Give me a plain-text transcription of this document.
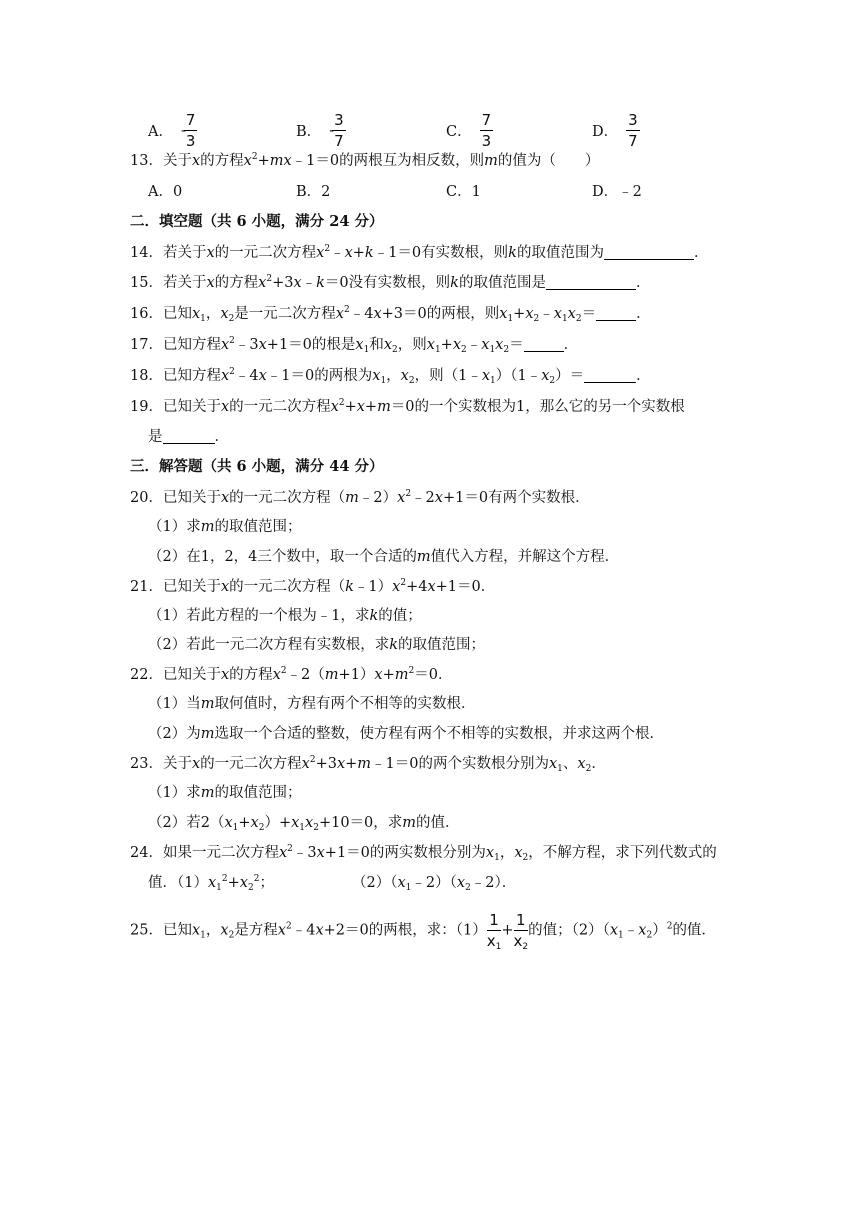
A． -
$\frac{7}{3}$	B． -
$\frac{3}{7}$	C． $\frac{7}{3}$	D． $\frac{3}{7}$
13．关于x的方程$x^2+mx﹣1=0$的两根互为相反数，则m的值为（　　）
A．0	B．2	C．1	D．﹣2
二．填空题（共 6 小题，满分 24 分）
14．若关于x的一元二次方程$x^2﹣x+k﹣1=0$有实数根，则k的取值范围为	．
15．若关于x的方程$x^2+3x﹣k=0$没有实数根，则k的取值范围是	．
16．已知$x_1$，$x_2$是一元二次方程$x^2﹣4x+3=0$的两根，则$x_1+x_2﹣x_1x_2=$	．
17．已知方程$x^2﹣3x+1=0$的根是$x_1$和$x_2$，则$x_1+x_2﹣x_1x_2=$	．
18．已知方程$x^2﹣4x﹣1=0$的两根为$x_1$，$x_2$，则$(1﹣x_1)(1﹣x_2)=$	．
19．已知关于x的一元二次方程$x^2+x+m=0$的一个实数根为1，那么它的另一个实数根
是	．
三．解答题（共 6 小题，满分 44 分）
20．已知关于x的一元二次方程$(m﹣2)x^2﹣2x+1=0$有两个实数根．
（1）求m的取值范围；
（2）在1，2，4三个数中，取一个合适的m值代入方程，并解这个方程．
21．已知关于x的一元二次方程$(k﹣1)x^2+4x+1=0$．
（1）若此方程的一个根为﹣1，求k的值；
（2）若此一元二次方程有实数根，求k的取值范围；
22．已知关于x的方程$x^2﹣2(m+1)x+m^2=0$．
（1）当m取何值时，方程有两个不相等的实数根．
（2）为m选取一个合适的整数，使方程有两个不相等的实数根，并求这两个根．
23．关于x的一元二次方程$x^2+3x+m﹣1=0$的两个实数根分别为$x_1$、$x_2$．
（1）求m的取值范围；
（2）若$2(x_1+x_2)+x_1x_2+10=0$，求m的值．
24．如果一元二次方程$x^2﹣3x+1=0$的两实数根分别为$x_1$，$x_2$，不解方程，求下列代数式的
值．$(1)x_1^2+x_2^2$；	$(2)(x_1﹣2)(x_2﹣2)$．
25．已知$x_1$，$x_2$是方程$x^2﹣4x+2=0$的两根，求：$(1) \frac{1}{x_1} + \frac{1}{x_2}$ 的值；$(2)(x_1﹣x_2)^2$的值．
